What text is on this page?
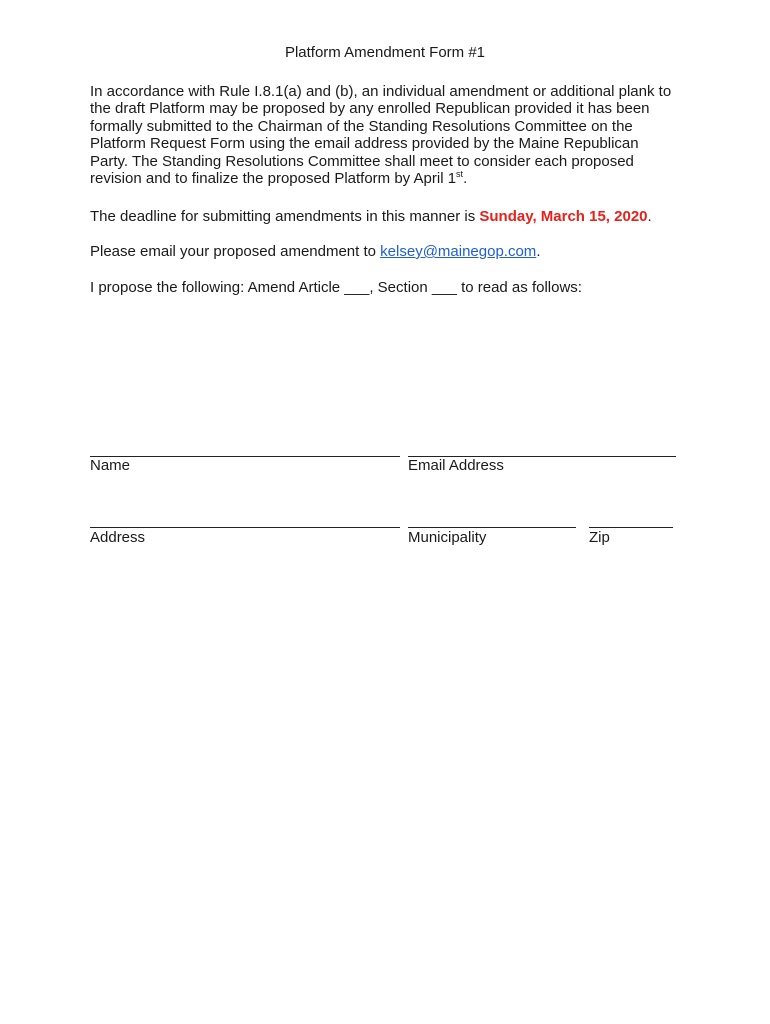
Platform Amendment Form #1
In accordance with Rule I.8.1(a) and (b), an individual amendment or additional plank to
the draft Platform may be proposed by any enrolled Republican provided it has been
formally submitted to the Chairman of the Standing Resolutions Committee on the
Platform Request Form using the email address provided by the Maine Republican
Party. The Standing Resolutions Committee shall meet to consider each proposed
revision and to finalize the proposed Platform by April 1st.
The deadline for submitting amendments in this manner is Sunday, March 15, 2020.
Please email your proposed amendment to kelsey@mainegop.com.
I propose the following: Amend Article ___, Section ___ to read as follows:
Name	Email Address
Address	Municipality	Zip
